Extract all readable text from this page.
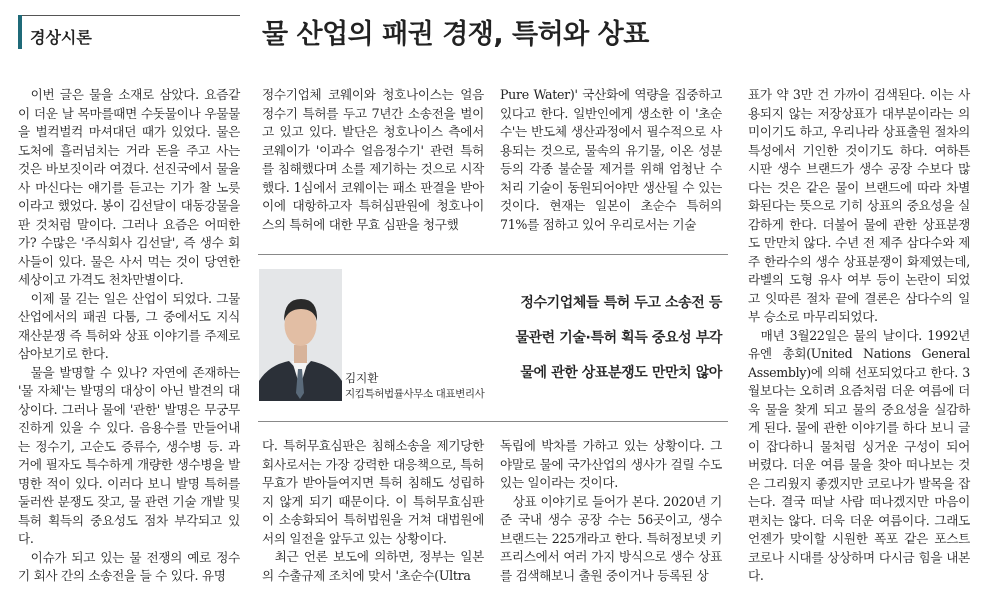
경상시론	물 산업의 패권 경쟁, 특허와 상표

이번 글은 물을 소재로 삼았다. 요즘같이 더운 날 목마를때면 수돗물이나 우물물을 벌컥벌컥 마셔대던 때가 있었다. 물은 도처에 흘러넘치는 거라 돈을 주고 사는 것은 바보짓이라 여겼다. 선진국에서 물을 사 마신다는 얘기를 듣고는 기가 찰 노릇이라고 했었다. 봉이 김선달이 대동강물을 판 것처럼 말이다. 그러나 요즘은 어떠한가? 수많은 '주식회사 김선달', 즉 생수 회사들이 있다. 물은 사서 먹는 것이 당연한 세상이고 가격도 천차만별이다.

이제 물 긷는 일은 산업이 되었다. 그물 산업에서의 패권 다툼, 그 중에서도 지식재산분쟁 즉 특허와 상표 이야기를 주제로 삼아보기로 한다.

물을 발명할 수 있나? 자연에 존재하는 '물 자체'는 발명의 대상이 아닌 발견의 대상이다. 그러나 물에 '관한' 발명은 무궁무진하게 있을 수 있다. 음용수를 만들어내는 정수기, 고순도 증류수, 생수병 등. 과거에 필자도 특수하게 개량한 생수병을 발명한 적이 있다. 이러다 보니 발명 특허를 둘러싼 분쟁도 잦고, 물 관련 기술 개발 및 특허 획득의 중요성도 점차 부각되고 있다.

이슈가 되고 있는 물 전쟁의 예로 정수기 회사 간의 소송전을 들 수 있다. 유명

정수기업체 코웨이와 청호나이스는 얼음정수기 특허를 두고 7년간 소송전을 벌이고 있고 있다. 발단은 청호나이스 측에서 코웨이가 '이과수 얼음정수기' 관련 특허를 침해했다며 소를 제기하는 것으로 시작했다. 1심에서 코웨이는 패소 판결을 받아 이에 대항하고자 특허심판원에 청호나이스의 특허에 대한 무효 심판을 청구했

Pure Water)' 국산화에 역량을 집중하고 있다고 한다. 일반인에게 생소한 이 '초순수'는 반도체 생산과정에서 필수적으로 사용되는 것으로, 물속의 유기물, 이온 성분 등의 각종 불순물 제거를 위해 엄청난 수처리 기술이 동원되어야만 생산될 수 있는 것이다. 현재는 일본이 초순수 특허의 71%를 점하고 있어 우리로서는 기술

김지환
지킴특허법률사무소 대표변리사
정수기업체들 특허 두고 소송전 등
물관련 기술·특허 획득 중요성 부각
물에 관한 상표분쟁도 만만치 않아

다. 특허무효심판은 침해소송을 제기당한 회사로서는 가장 강력한 대응책으로, 특허무효가 받아들여지면 특허 침해도 성립하지 않게 되기 때문이다. 이 특허무효심판이 소송화되어 특허법원을 거쳐 대법원에서의 일전을 앞두고 있는 상황이다.

최근 언론 보도에 의하면, 정부는 일본의 수출규제 조치에 맞서 '초순수(Ultra

독립에 박차를 가하고 있는 상황이다. 그야말로 물에 국가산업의 생사가 걸릴 수도 있는 일이라는 것이다.

상표 이야기로 들어가 본다. 2020년 기준 국내 생수 공장 수는 56곳이고, 생수 브랜드는 225개라고 한다. 특허정보넷 키프리스에서 여러 가지 방식으로 생수 상표를 검색해보니 출원 중이거나 등록된 상

표가 약 3만 건 가까이 검색된다. 이는 사용되지 않는 저장상표가 대부분이라는 의미이기도 하고, 우리나라 상표출원 절차의 특성에서 기인한 것이기도 하다. 여하튼 시판 생수 브랜드가 생수 공장 수보다 많다는 것은 같은 물이 브랜드에 따라 차별화된다는 뜻으로 기히 상표의 중요성을 실감하게 한다. 더불어 물에 관한 상표분쟁도 만만치 않다. 수년 전 제주 삼다수와 제주 한라수의 생수 상표분쟁이 화제였는데, 라벨의 도형 유사 여부 등이 논란이 되었고 잇따른 절차 끝에 결론은 삼다수의 일부 승소로 마무리되었다.

매년 3월22일은 물의 날이다. 1992년 유엔 총회(United Nations General Assembly)에 의해 선포되었다고 한다. 3월보다는 오히려 요즘처럼 더운 여름에 더욱 물을 찾게 되고 물의 중요성을 실감하게 된다. 물에 관한 이야기를 하다 보니 글이 잡다하니 물처럼 싱거운 구성이 되어 버렸다. 더운 여름 물을 찾아 떠나보는 것은 그리웠지 좋겠지만 코로나가 발목을 잡는다. 결국 떠날 사람 떠나겠지만 마음이 편치는 않다. 더욱 더운 여름이다. 그래도 언젠가 맞이할 시원한 폭포 같은 포스트 코로나 시대를 상상하며 다시금 힘을 내본다.
